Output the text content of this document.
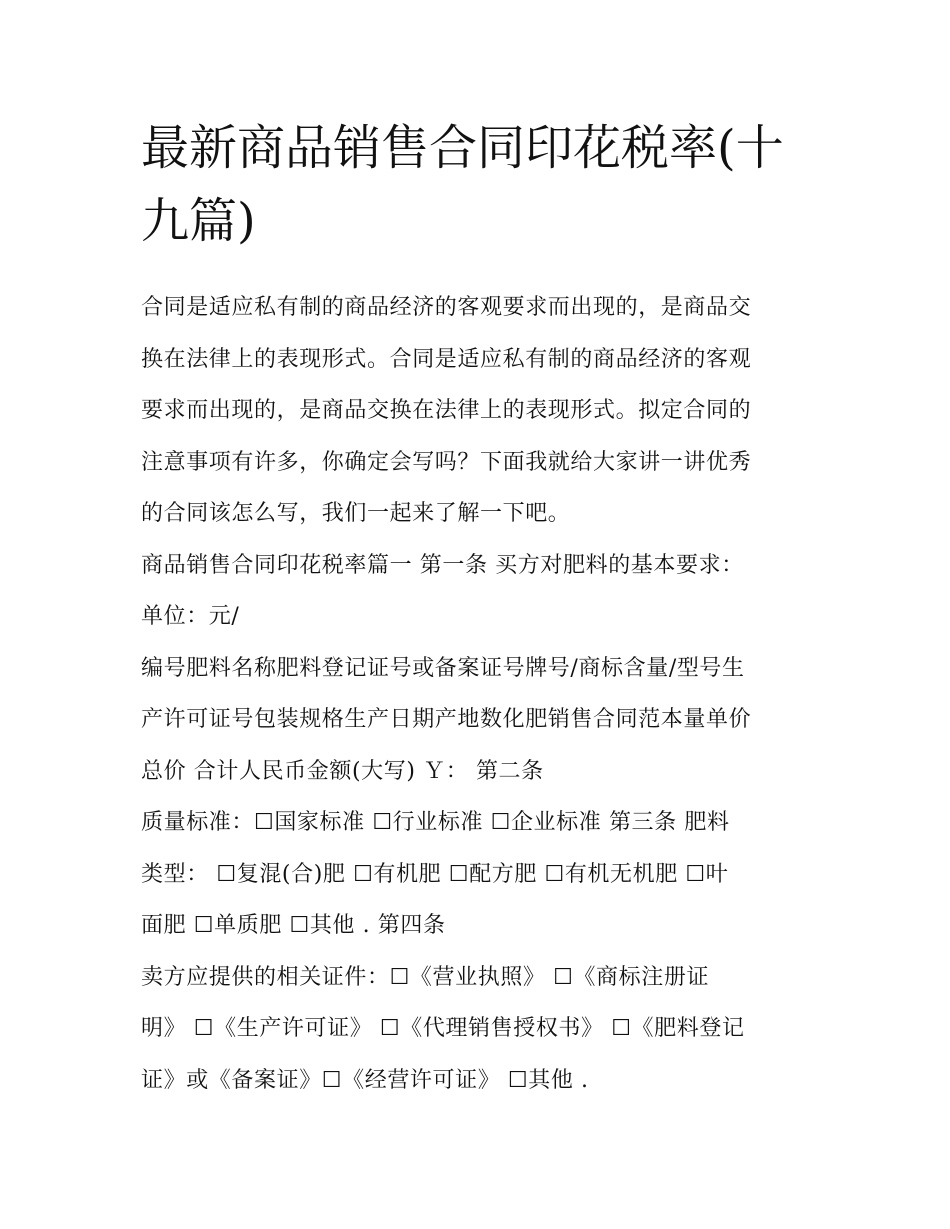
最新商品销售合同印花税率(十
九篇)
合同是适应私有制的商品经济的客观要求而出现的，是商品交
换在法律上的表现形式。合同是适应私有制的商品经济的客观
要求而出现的，是商品交换在法律上的表现形式。拟定合同的
注意事项有许多，你确定会写吗？下面我就给大家讲一讲优秀
的合同该怎么写，我们一起来了解一下吧。
商品销售合同印花税率篇一 第一条 买方对肥料的基本要求：
单位：元/
编号肥料名称肥料登记证号或备案证号牌号/商标含量/型号生
产许可证号包装规格生产日期产地数化肥销售合同范本量单价
总价 合计人民币金额(大写) Ｙ： 第二条
质量标准：☐国家标准 ☐行业标准 ☐企业标准 第三条 肥料
类型： ☐复混(合)肥 ☐有机肥 ☐配方肥 ☐有机无机肥 ☐叶
面肥 ☐单质肥 ☐其他 . 第四条
卖方应提供的相关证件：☐《营业执照》 ☐《商标注册证
明》 ☐《生产许可证》 ☐《代理销售授权书》 ☐《肥料登记
证》或《备案证》☐《经营许可证》 ☐其他 .
